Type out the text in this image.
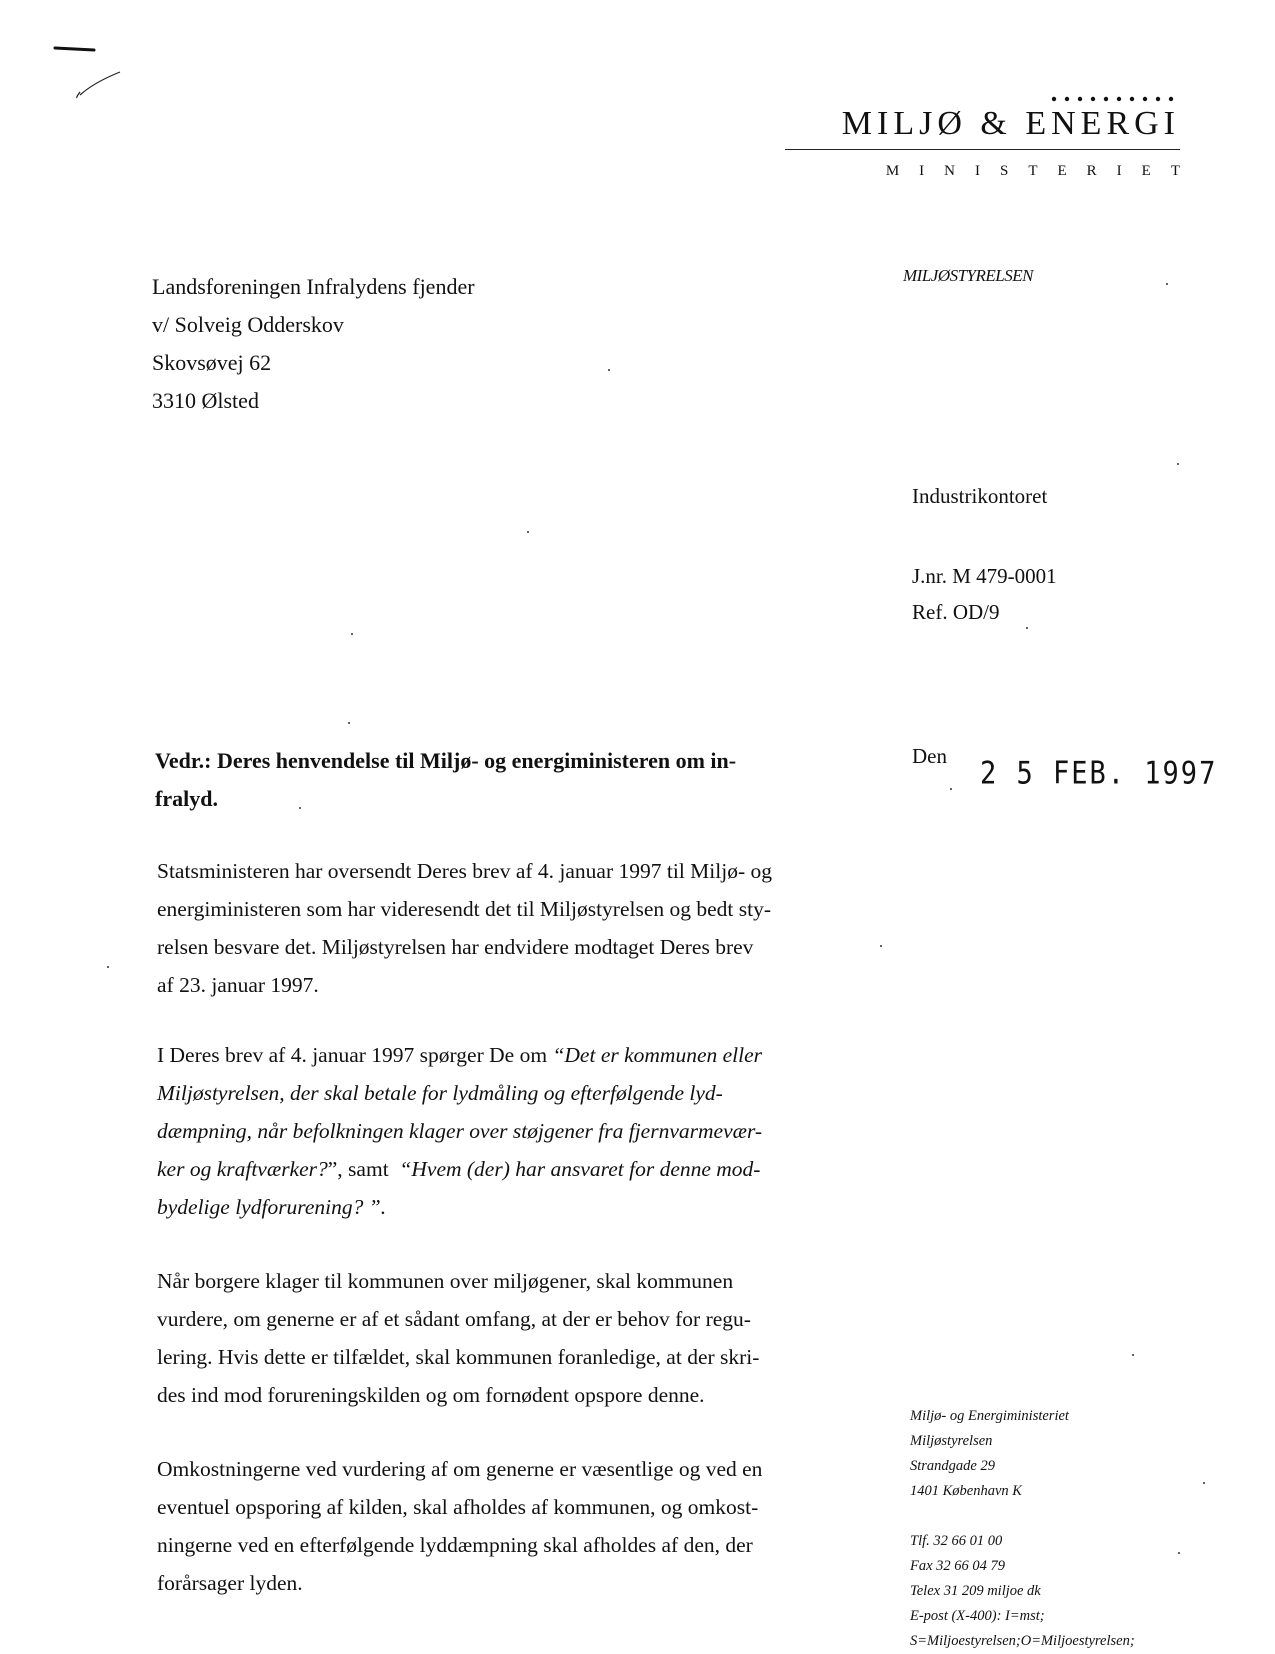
MILJØ & ENERGI
MINISTERIET
Landsforeningen Infralydens fjender
v/ Solveig Odderskov
Skovsøvej 62
3310 Ølsted
MILJØSTYRELSEN
Industrikontoret
J.nr. M 479-0001
Ref. OD/9
Den 2 5 FEB. 1997
Vedr.: Deres henvendelse til Miljø- og energiministeren om in-
fralyd.
Statsministeren har oversendt Deres brev af 4. januar 1997 til Miljø- og
energiministeren som har videresendt det til Miljøstyrelsen og bedt sty-
relsen besvare det. Miljøstyrelsen har endvidere modtaget Deres brev
af 23. januar 1997.
I Deres brev af 4. januar 1997 spørger De om “Det er kommunen eller
Miljøstyrelsen, der skal betale for lydmåling og efterfølgende lyd-
dæmpning, når befolkningen klager over støjgener fra fjernvarmevær-
ker og kraftværker?”, samt  “Hvem (der) har ansvaret for denne mod-
bydelige lydforurening? ”.
Når borgere klager til kommunen over miljøgener, skal kommunen
vurdere, om generne er af et sådant omfang, at der er behov for regu-
lering. Hvis dette er tilfældet, skal kommunen foranledige, at der skri-
des ind mod forureningskilden og om fornødent opspore denne.
Omkostningerne ved vurdering af om generne er væsentlige og ved en
eventuel opsporing af kilden, skal afholdes af kommunen, og omkost-
ningerne ved en efterfølgende lyddæmpning skal afholdes af den, der
forårsager lyden.
Miljø- og Energiministeriet
Miljøstyrelsen
Strandgade 29
1401 København K
Tlf. 32 66 01 00
Fax 32 66 04 79
Telex 31 209 miljoe dk
E-post (X-400): I=mst;
S=Miljoestyrelsen;O=Miljoestyrelsen;
